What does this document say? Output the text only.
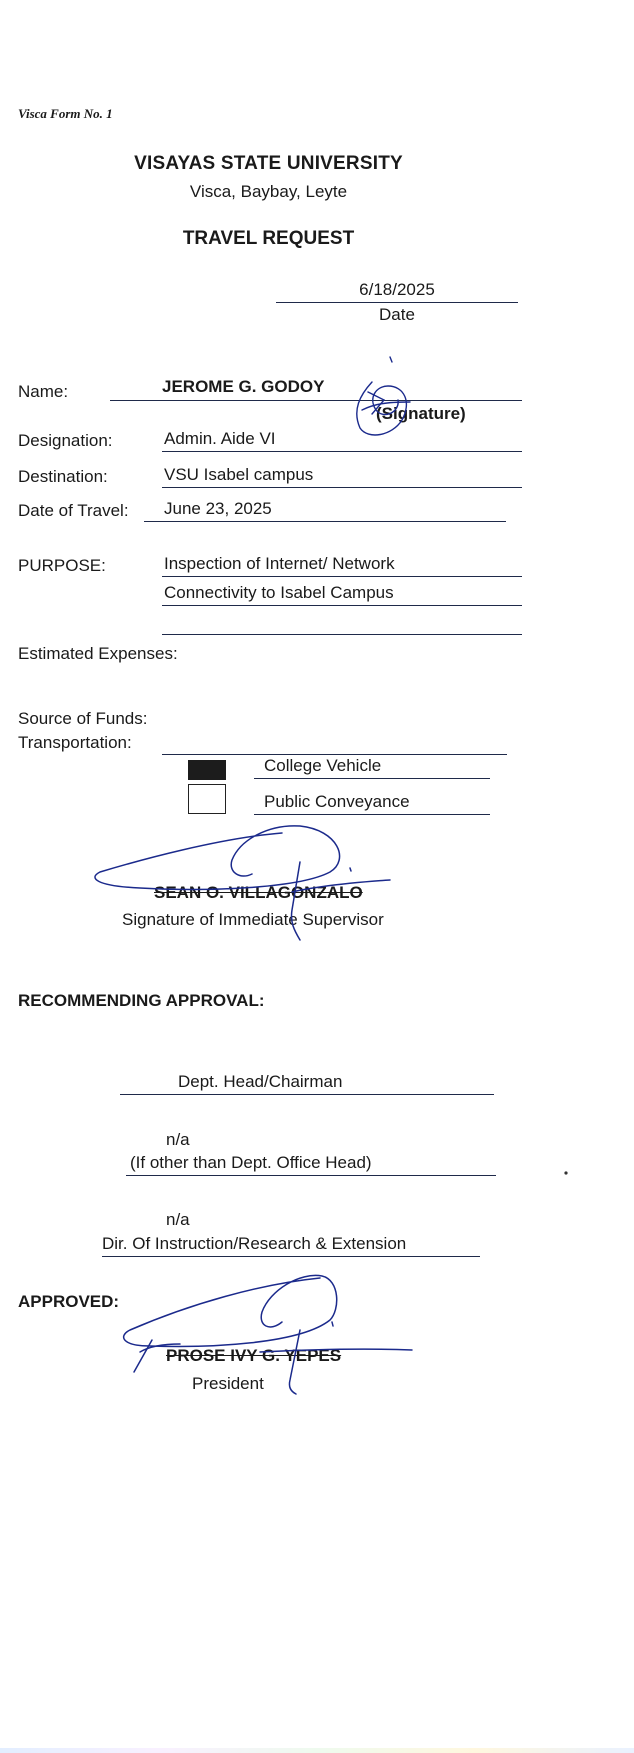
Visca Form No. 1
VISAYAS STATE UNIVERSITY
Visca, Baybay, Leyte
TRAVEL REQUEST
6/18/2025
Date
Name:	JEROME G. GODOY
(Signature)
Designation:	Admin. Aide VI
Destination:	VSU Isabel campus
Date of Travel: June 23, 2025
PURPOSE:	Inspection of Internet/ Network
Connectivity to Isabel Campus
Estimated Expenses:
Source of Funds:
Transportation:
College Vehicle
Public Conveyance
SEAN O. VILLAGONZALO
Signature of Immediate Supervisor
RECOMMENDING APPROVAL:
Dept. Head/Chairman
n/a
(If other than Dept. Office Head)
n/a
Dir. Of Instruction/Research & Extension
APPROVED:
PROSE IVY G. YEPES
President
